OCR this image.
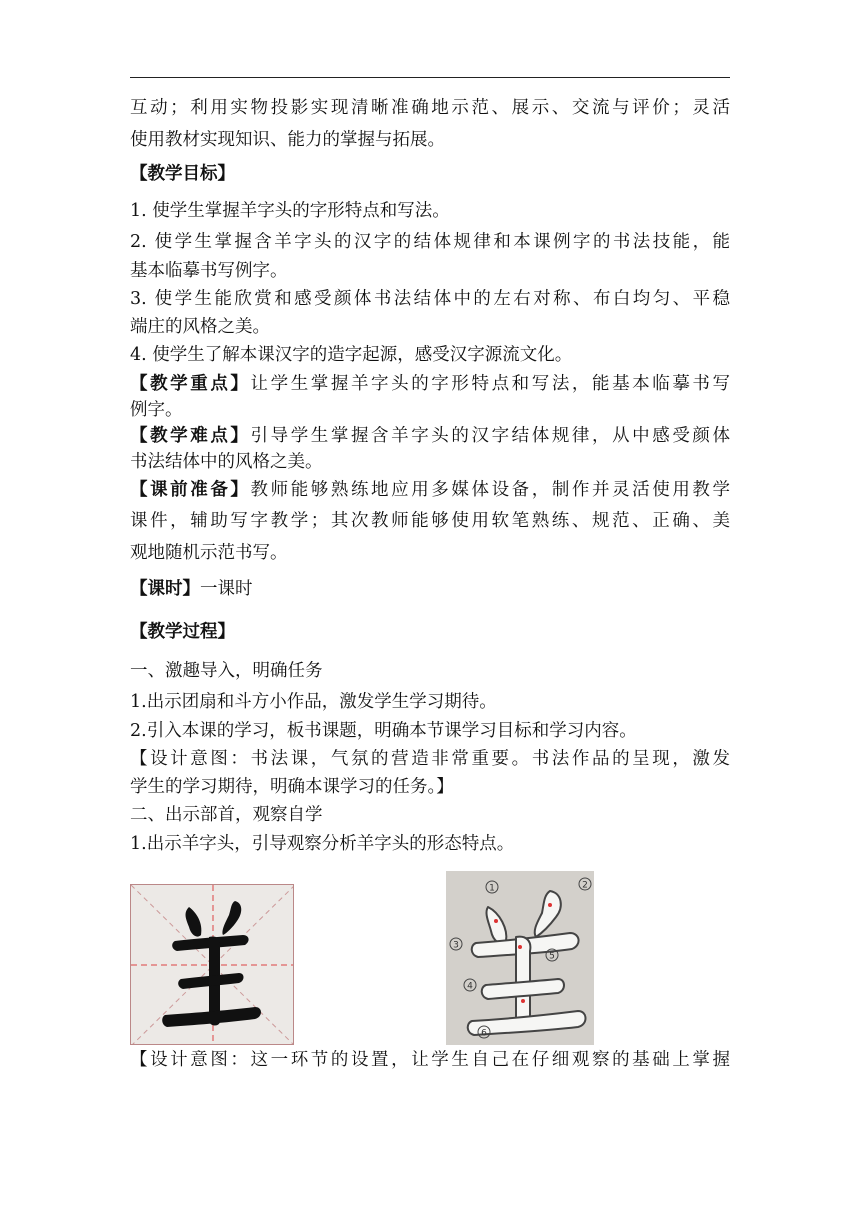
互动；利用实物投影实现清晰准确地示范、展示、交流与评价；灵活
使用教材实现知识、能力的掌握与拓展。
【教学目标】
1. 使学生掌握羊字头的字形特点和写法。
2. 使学生掌握含羊字头的汉字的结体规律和本课例字的书法技能，能
基本临摹书写例字。
3. 使学生能欣赏和感受颜体书法结体中的左右对称、布白均匀、平稳
端庄的风格之美。
4. 使学生了解本课汉字的造字起源，感受汉字源流文化。
【教学重点】让学生掌握羊字头的字形特点和写法，能基本临摹书写
例字。
【教学难点】引导学生掌握含羊字头的汉字结体规律，从中感受颜体
书法结体中的风格之美。
【课前准备】教师能够熟练地应用多媒体设备，制作并灵活使用教学
课件，辅助写字教学；其次教师能够使用软笔熟练、规范、正确、美
观地随机示范书写。
【课时】一课时
【教学过程】
一、激趣导入，明确任务
1.出示团扇和斗方小作品，激发学生学习期待。
2.引入本课的学习，板书课题，明确本节课学习目标和学习内容。
【设计意图：书法课，气氛的营造非常重要。书法作品的呈现，激发
学生的学习期待，明确本课学习的任务。】
二、出示部首，观察自学
1.出示羊字头，引导观察分析羊字头的形态特点。
【设计意图：这一环节的设置，让学生自己在仔细观察的基础上掌握
1	2
3
4
5
6
